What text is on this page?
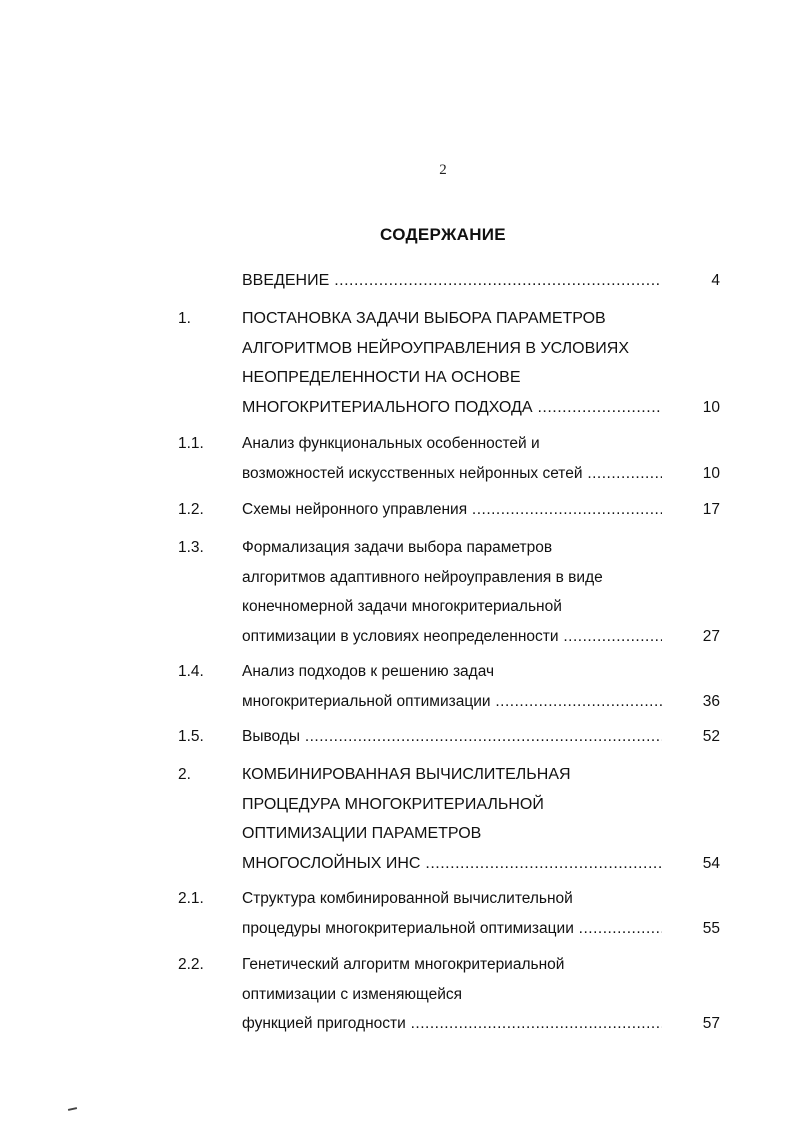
2
СОДЕРЖАНИЕ
ВВЕДЕНИЕ .....	4
1.	ПОСТАНОВКА ЗАДАЧИ ВЫБОРА ПАРАМЕТРОВ
АЛГОРИТМОВ НЕЙРОУПРАВЛЕНИЯ В УСЛОВИЯХ
НЕОПРЕДЕЛЕННОСТИ НА ОСНОВЕ
МНОГОКРИТЕРИАЛЬНОГО ПОДХОДА .....	10
1.1. Анализ функциональных особенностей и
возможностей искусственных нейронных сетей .....	10
1.2. Схемы нейронного управления .....	17
1.3. Формализация задачи выбора параметров
алгоритмов адаптивного нейроуправления в виде
конечномерной задачи многокритериальной
оптимизации в условиях неопределенности .....	27
1.4. Анализ подходов к решению задач
многокритериальной оптимизации .....	36
1.5. Выводы .....	52
2.	КОМБИНИРОВАННАЯ ВЫЧИСЛИТЕЛЬНАЯ
ПРОЦЕДУРА МНОГОКРИТЕРИАЛЬНОЙ
ОПТИМИЗАЦИИ ПАРАМЕТРОВ
МНОГОСЛОЙНЫХ ИНС .....	54
2.1. Структура комбинированной вычислительной
процедуры многокритериальной оптимизации .....	55
2.2. Генетический алгоритм многокритериальной
оптимизации с изменяющейся
функцией пригодности .....	57
